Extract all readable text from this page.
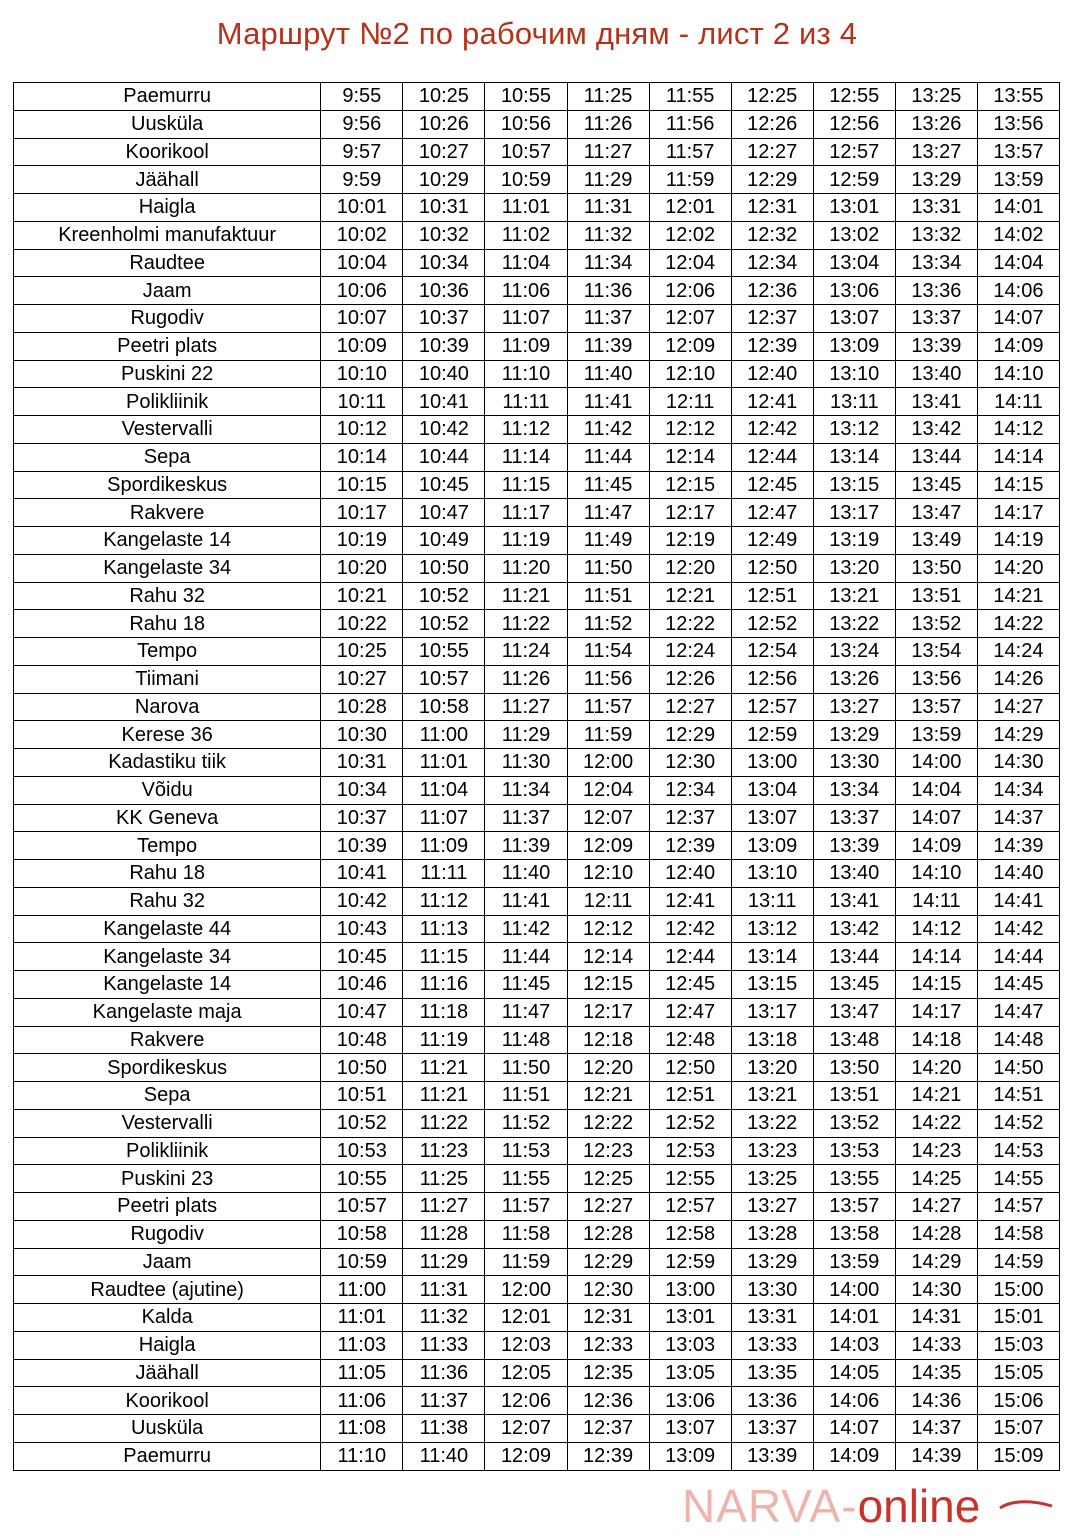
Маршрут №2 по рабочим дням - лист 2 из 4
Paemurru	9:55	10:25	10:55	11:25	11:55	12:25	12:55	13:25	13:55
Uusküla	9:56	10:26	10:56	11:26	11:56	12:26	12:56	13:26	13:56
Koorikool	9:57	10:27	10:57	11:27	11:57	12:27	12:57	13:27	13:57
Jäähall	9:59	10:29	10:59	11:29	11:59	12:29	12:59	13:29	13:59
Haigla	10:01	10:31	11:01	11:31	12:01	12:31	13:01	13:31	14:01
Kreenholmi manufaktuur	10:02	10:32	11:02	11:32	12:02	12:32	13:02	13:32	14:02
Raudtee	10:04	10:34	11:04	11:34	12:04	12:34	13:04	13:34	14:04
Jaam	10:06	10:36	11:06	11:36	12:06	12:36	13:06	13:36	14:06
Rugodiv	10:07	10:37	11:07	11:37	12:07	12:37	13:07	13:37	14:07
Peetri plats	10:09	10:39	11:09	11:39	12:09	12:39	13:09	13:39	14:09
Puskini 22	10:10	10:40	11:10	11:40	12:10	12:40	13:10	13:40	14:10
Polikliinik	10:11	10:41	11:11	11:41	12:11	12:41	13:11	13:41	14:11
Vestervalli	10:12	10:42	11:12	11:42	12:12	12:42	13:12	13:42	14:12
Sepa	10:14	10:44	11:14	11:44	12:14	12:44	13:14	13:44	14:14
Spordikeskus	10:15	10:45	11:15	11:45	12:15	12:45	13:15	13:45	14:15
Rakvere	10:17	10:47	11:17	11:47	12:17	12:47	13:17	13:47	14:17
Kangelaste 14	10:19	10:49	11:19	11:49	12:19	12:49	13:19	13:49	14:19
Kangelaste 34	10:20	10:50	11:20	11:50	12:20	12:50	13:20	13:50	14:20
Rahu 32	10:21	10:52	11:21	11:51	12:21	12:51	13:21	13:51	14:21
Rahu 18	10:22	10:52	11:22	11:52	12:22	12:52	13:22	13:52	14:22
Tempo	10:25	10:55	11:24	11:54	12:24	12:54	13:24	13:54	14:24
Tiimani	10:27	10:57	11:26	11:56	12:26	12:56	13:26	13:56	14:26
Narova	10:28	10:58	11:27	11:57	12:27	12:57	13:27	13:57	14:27
Kerese 36	10:30	11:00	11:29	11:59	12:29	12:59	13:29	13:59	14:29
Kadastiku tiik	10:31	11:01	11:30	12:00	12:30	13:00	13:30	14:00	14:30
Võidu	10:34	11:04	11:34	12:04	12:34	13:04	13:34	14:04	14:34
KK Geneva	10:37	11:07	11:37	12:07	12:37	13:07	13:37	14:07	14:37
Tempo	10:39	11:09	11:39	12:09	12:39	13:09	13:39	14:09	14:39
Rahu 18	10:41	11:11	11:40	12:10	12:40	13:10	13:40	14:10	14:40
Rahu 32	10:42	11:12	11:41	12:11	12:41	13:11	13:41	14:11	14:41
Kangelaste 44	10:43	11:13	11:42	12:12	12:42	13:12	13:42	14:12	14:42
Kangelaste 34	10:45	11:15	11:44	12:14	12:44	13:14	13:44	14:14	14:44
Kangelaste 14	10:46	11:16	11:45	12:15	12:45	13:15	13:45	14:15	14:45
Kangelaste maja	10:47	11:18	11:47	12:17	12:47	13:17	13:47	14:17	14:47
Rakvere	10:48	11:19	11:48	12:18	12:48	13:18	13:48	14:18	14:48
Spordikeskus	10:50	11:21	11:50	12:20	12:50	13:20	13:50	14:20	14:50
Sepa	10:51	11:21	11:51	12:21	12:51	13:21	13:51	14:21	14:51
Vestervalli	10:52	11:22	11:52	12:22	12:52	13:22	13:52	14:22	14:52
Polikliinik	10:53	11:23	11:53	12:23	12:53	13:23	13:53	14:23	14:53
Puskini 23	10:55	11:25	11:55	12:25	12:55	13:25	13:55	14:25	14:55
Peetri plats	10:57	11:27	11:57	12:27	12:57	13:27	13:57	14:27	14:57
Rugodiv	10:58	11:28	11:58	12:28	12:58	13:28	13:58	14:28	14:58
Jaam	10:59	11:29	11:59	12:29	12:59	13:29	13:59	14:29	14:59
Raudtee (ajutine)	11:00	11:31	12:00	12:30	13:00	13:30	14:00	14:30	15:00
Kalda	11:01	11:32	12:01	12:31	13:01	13:31	14:01	14:31	15:01
Haigla	11:03	11:33	12:03	12:33	13:03	13:33	14:03	14:33	15:03
Jäähall	11:05	11:36	12:05	12:35	13:05	13:35	14:05	14:35	15:05
Koorikool	11:06	11:37	12:06	12:36	13:06	13:36	14:06	14:36	15:06
Uusküla	11:08	11:38	12:07	12:37	13:07	13:37	14:07	14:37	15:07
Paemurru	11:10	11:40	12:09	12:39	13:09	13:39	14:09	14:39	15:09
NARVA-online
